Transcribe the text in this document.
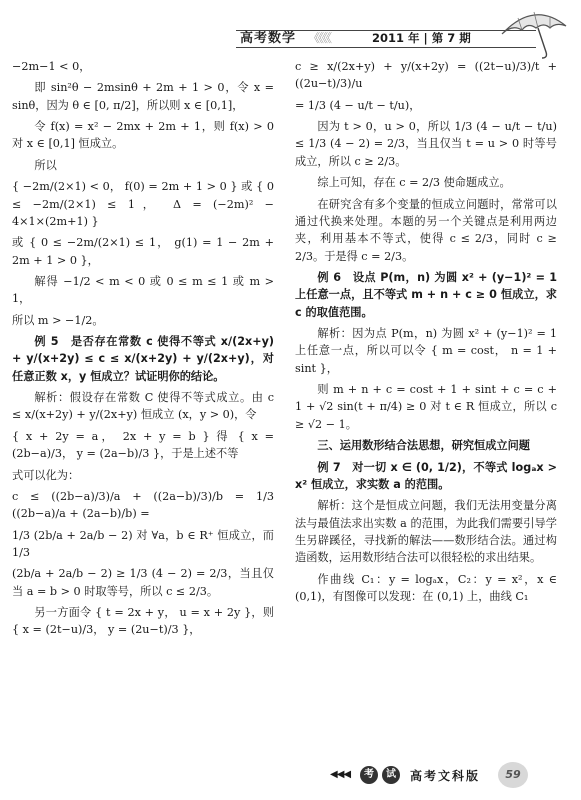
高考数学 《《《《	2011 年 | 第 7 期

−2m−1 < 0，

即 sin²θ − 2msinθ + 2m + 1 > 0，令 x = sinθ，因为 θ ∈ [0, π/2]，所以则 x ∈ [0,1]，

令 f(x) = x² − 2mx + 2m + 1，则 f(x) > 0 对 x ∈ [0,1] 恒成立。

所以

{ −2m/(2×1) < 0， f(0) = 2m + 1 > 0 } 或 { 0 ≤ −2m/(2×1) ≤ 1， Δ = (−2m)² − 4×1×(2m+1) }

或 { 0 ≤ −2m/(2×1) ≤ 1， g(1) = 1 − 2m + 2m + 1 > 0 }，

解得 −1/2 < m < 0 或 0 ≤ m ≤ 1 或 m > 1，

所以 m > −1/2。

例 5　是否存在常数 c 使得不等式 x/(2x+y) + y/(x+2y) ≤ c ≤ x/(x+2y) + y/(2x+y)，对任意正数 x，y 恒成立？试证明你的结论。

解析：假设存在常数 C 使得不等式成立。由 c ≤ x/(x+2y) + y/(2x+y) 恒成立 (x，y > 0)，令

{ x + 2y = a， 2x + y = b } 得 { x = (2b−a)/3， y = (2a−b)/3 }，于是上述不等

式可以化为：

c ≤ ((2b−a)/3)/a + ((2a−b)/3)/b = 1/3 ((2b−a)/a + (2a−b)/b) =

1/3 (2b/a + 2a/b − 2) 对 ∀a，b ∈ R⁺ 恒成立，而 1/3

(2b/a + 2a/b − 2) ≥ 1/3 (4 − 2) = 2/3，当且仅当 a = b > 0 时取等号，所以 c ≤ 2/3。

另一方面令 { t = 2x + y， u = x + 2y }，则 { x = (2t−u)/3， y = (2u−t)/3 }，

c ≥ x/(2x+y) + y/(x+2y) = ((2t−u)/3)/t + ((2u−t)/3)/u

= 1/3 (4 − u/t − t/u)，

因为 t > 0，u > 0，所以 1/3 (4 − u/t − t/u) ≤ 1/3 (4 − 2) = 2/3，当且仅当 t = u > 0 时等号成立，所以 c ≥ 2/3。

综上可知，存在 c = 2/3 使命题成立。

在研究含有多个变量的恒成立问题时，常常可以通过代换来处理。本题的另一个关键点是利用两边夹，利用基本不等式，使得 c ≤ 2/3，同时 c ≥ 2/3。于是得 c = 2/3。

例 6　设点 P(m，n) 为圆 x² + (y−1)² = 1 上任意一点，且不等式 m + n + c ≥ 0 恒成立，求 c 的取值范围。

解析：因为点 P(m，n) 为圆 x² + (y−1)² = 1 上任意一点，所以可以令 { m = cost， n = 1 + sint }，

则 m + n + c = cost + 1 + sint + c = c + 1 + √2 sin(t + π/4) ≥ 0 对 t ∈ R 恒成立，所以 c ≥ √2 − 1。

三、运用数形结合法思想，研究恒成立问题

例 7　对一切 x ∈ (0, 1/2)，不等式 logₐx > x² 恒成立，求实数 a 的范围。

解析：这个是恒成立问题，我们无法用变量分离法与最值法求出实数 a 的范围，为此我们需要引导学生另辟蹊径，寻找新的解法——数形结合法。通过构造函数，运用数形结合法可以很轻松的求出结果。

作曲线 C₁：y = logₐx，C₂：y = x²，x ∈ (0,1)，有图像可以发现：在 (0,1) 上，曲线 C₁

◀◀◀	考	试	高考文科版	59
